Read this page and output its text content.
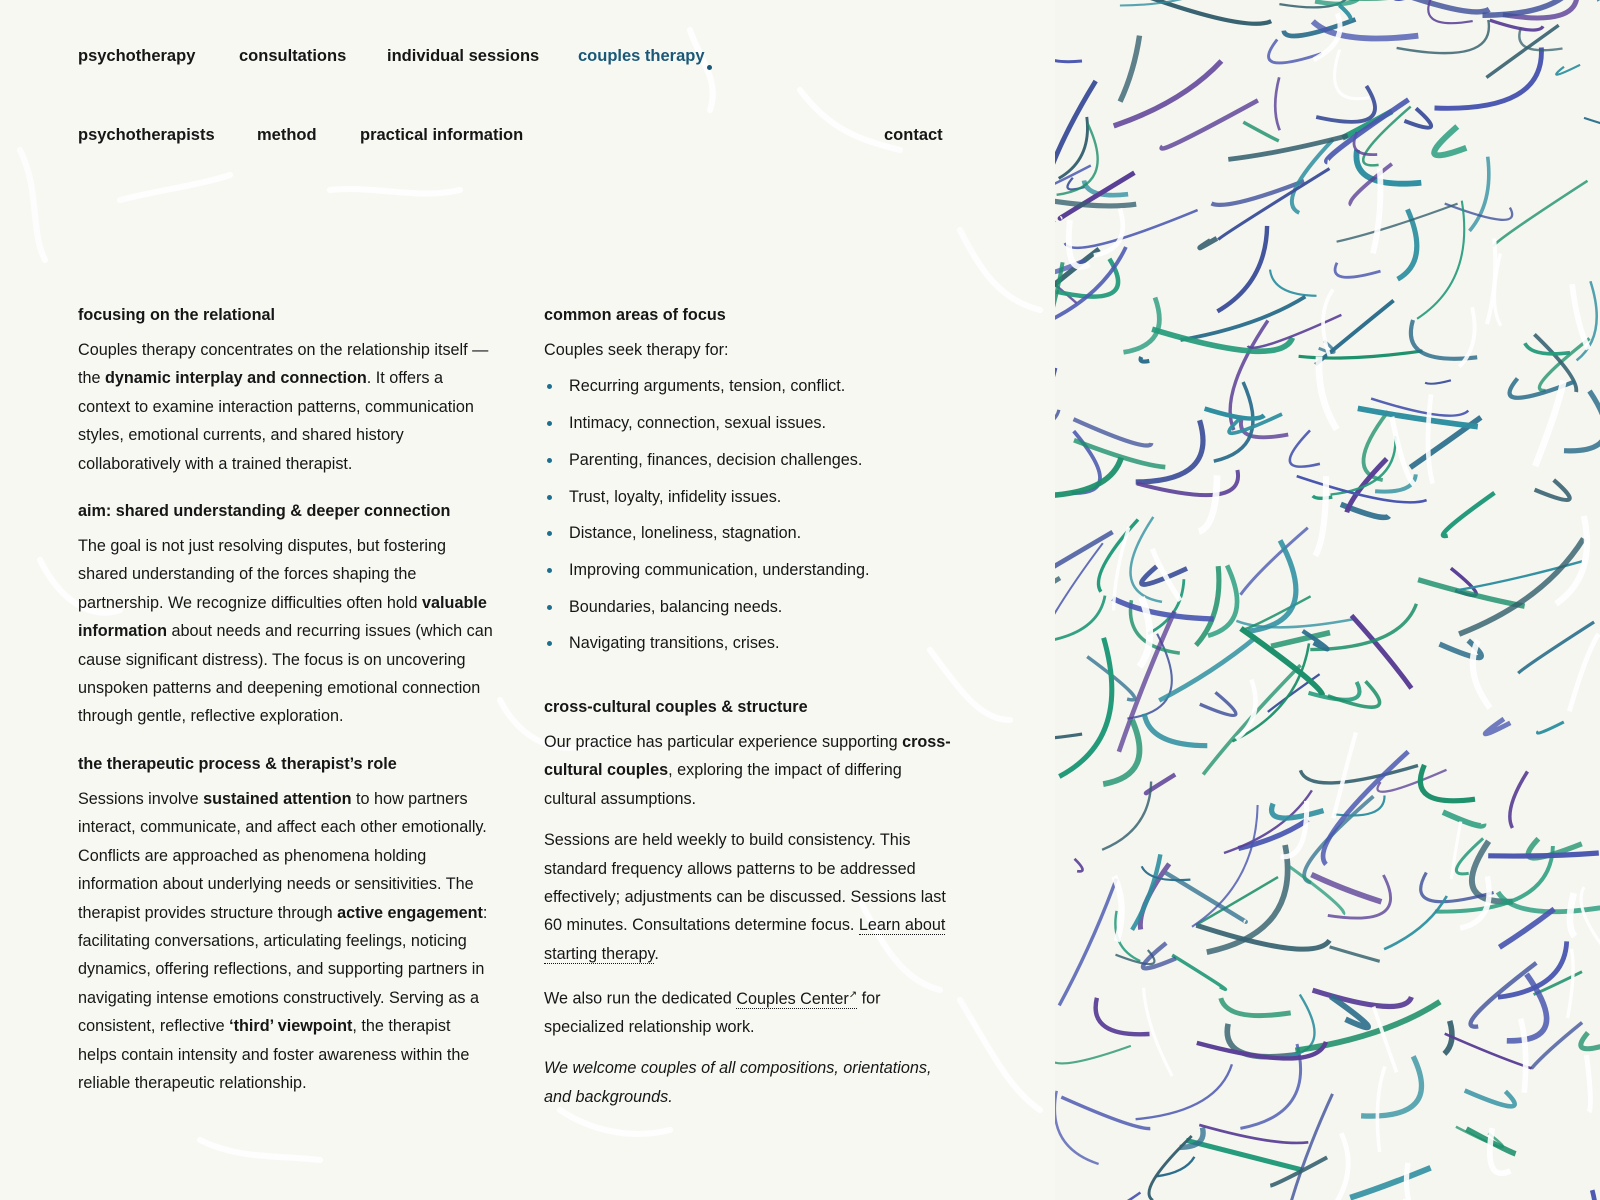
psychotherapy	consultations individual sessions couples therapy
psychotherapists	method	practical information	contact
focusing on the relational

Couples therapy concentrates on the relationship itself —the dynamic interplay and connection. It offers a context to examine interaction patterns, communication styles, emotional currents, and shared history collaboratively with a trained therapist.

aim: shared understanding & deeper connection

The goal is not just resolving disputes, but fostering shared understanding of the forces shaping the partnership. We recognize difficulties often hold valuable information about needs and recurring issues (which can cause significant distress). The focus is on uncovering unspoken patterns and deepening emotional connection through gentle, reflective exploration.

the therapeutic process & therapist’s role

Sessions involve sustained attention to how partners interact, communicate, and affect each other emotionally. Conflicts are approached as phenomena holding information about underlying needs or sensitivities. The therapist provides structure through active engagement: facilitating conversations, articulating feelings, noticing dynamics, offering reflections, and supporting partners in navigating intense emotions constructively. Serving as a consistent, reflective ‘third’ viewpoint, the therapist helps contain intensity and foster awareness within the reliable therapeutic relationship.

common areas of focus

Couples seek therapy for:

Recurring arguments, tension, conflict.
Intimacy, connection, sexual issues.
Parenting, finances, decision challenges.
Trust, loyalty, infidelity issues.
Distance, loneliness, stagnation.
Improving communication, understanding.
Boundaries, balancing needs.
Navigating transitions, crises.
cross-cultural couples & structure

Our practice has particular experience supporting cross-cultural couples, exploring the impact of differing cultural assumptions.

Sessions are held weekly to build consistency. This standard frequency allows patterns to be addressed effectively; adjustments can be discussed. Sessions last 60 minutes. Consultations determine focus. Learn about starting therapy.

We also run the dedicated Couples Center↗ for specialized relationship work.

We welcome couples of all compositions, orientations, and backgrounds.
